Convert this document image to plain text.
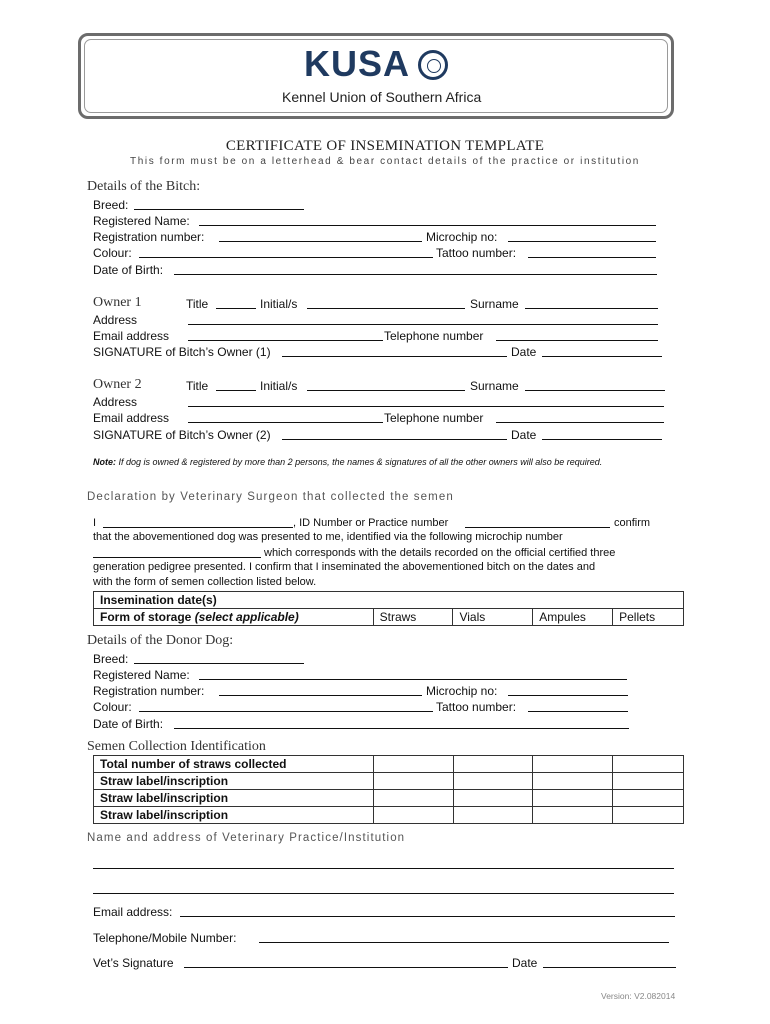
KUSA
Kennel Union of Southern Africa
CERTIFICATE OF INSEMINATION TEMPLATE
This form must be on a letterhead & bear contact details of the practice or institution
Details of the Bitch:
Breed:
Registered Name:
Registration number:	Microchip no:
Colour:	Tattoo number:
Date of Birth:
Owner 1	Title	Initial/s	Surname
Address
Email address	Telephone number
SIGNATURE of Bitch’s Owner (1)	Date
Owner 2	Title	Initial/s	Surname
Address
Email address	Telephone number
SIGNATURE of Bitch’s Owner (2)	Date
Note: If dog is owned & registered by more than 2 persons, the names & signatures of all the other owners will also be required.
Declaration by Veterinary Surgeon that collected the semen
I	, ID Number or Practice number	confirm
that the abovementioned dog was presented to me, identified via the following microchip number
which corresponds with the details recorded on the official certified three
generation pedigree presented. I confirm that I inseminated the abovementioned bitch on the dates and
with the form of semen collection listed below.
Insemination date(s)
Form of storage (select applicable)	Straws	Vials	Ampules	Pellets
Details of the Donor Dog:
Breed:
Registered Name:
Registration number:	Microchip no:
Colour:	Tattoo number:
Date of Birth:
Semen Collection Identification
Total number of straws collected				
Straw label/inscription				
Straw label/inscription				
Straw label/inscription				
Name and address of Veterinary Practice/Institution
Email address:
Telephone/Mobile Number:
Vet’s Signature	Date
Version: V2.082014
